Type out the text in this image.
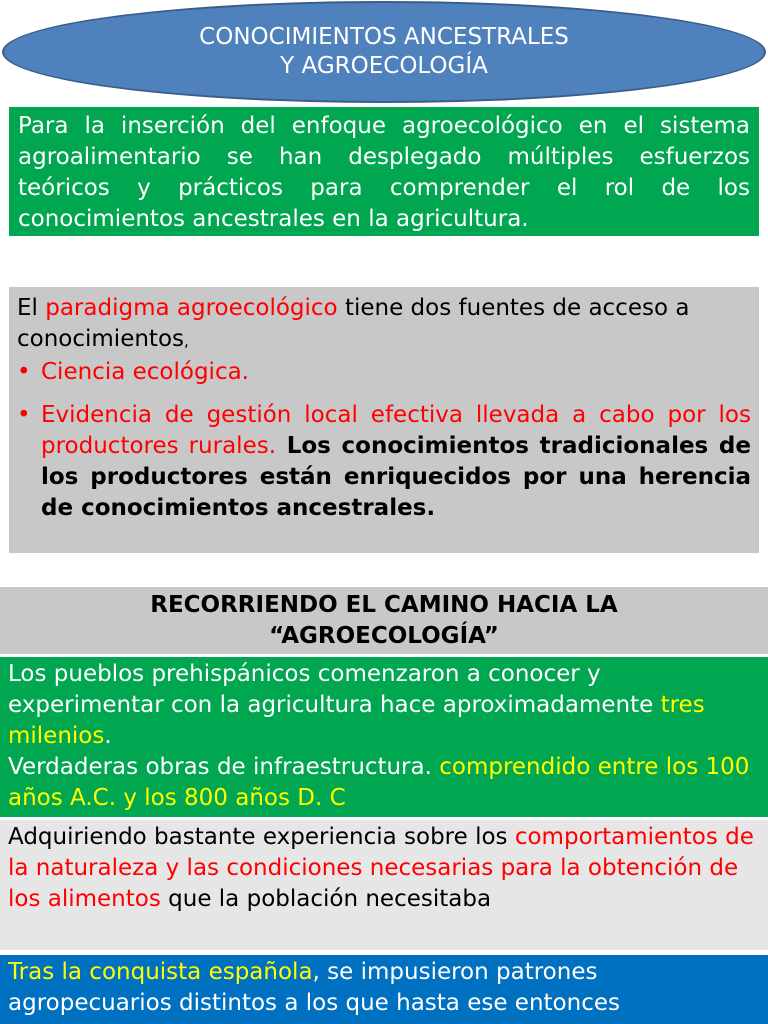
CONOCIMIENTOS ANCESTRALES
Y AGROECOLOGÍA
Para la inserción del enfoque agroecológico en el sistema agroalimentario se han desplegado múltiples esfuerzos teóricos y prácticos para comprender el rol de los conocimientos ancestrales en la agricultura.

El paradigma agroecológico tiene dos fuentes de acceso a conocimientos,

• Ciencia ecológica.
• Evidencia de gestión local efectiva llevada a cabo por los productores rurales. Los conocimientos tradicionales de los productores están enriquecidos por una herencia de conocimientos ancestrales.
RECORRIENDO EL CAMINO HACIA LA
“AGROECOLOGÍA”
Los pueblos prehispánicos comenzaron a conocer y experimentar con la agricultura hace aproximadamente tres milenios.
Verdaderas obras de infraestructura. comprendido entre los 100 años A.C. y los 800 años D. C
Adquiriendo bastante experiencia sobre los comportamientos de la naturaleza y las condiciones necesarias para la obtención de los alimentos que la población necesitaba
Tras la conquista española, se impusieron patrones agropecuarios distintos a los que hasta ese entonces
